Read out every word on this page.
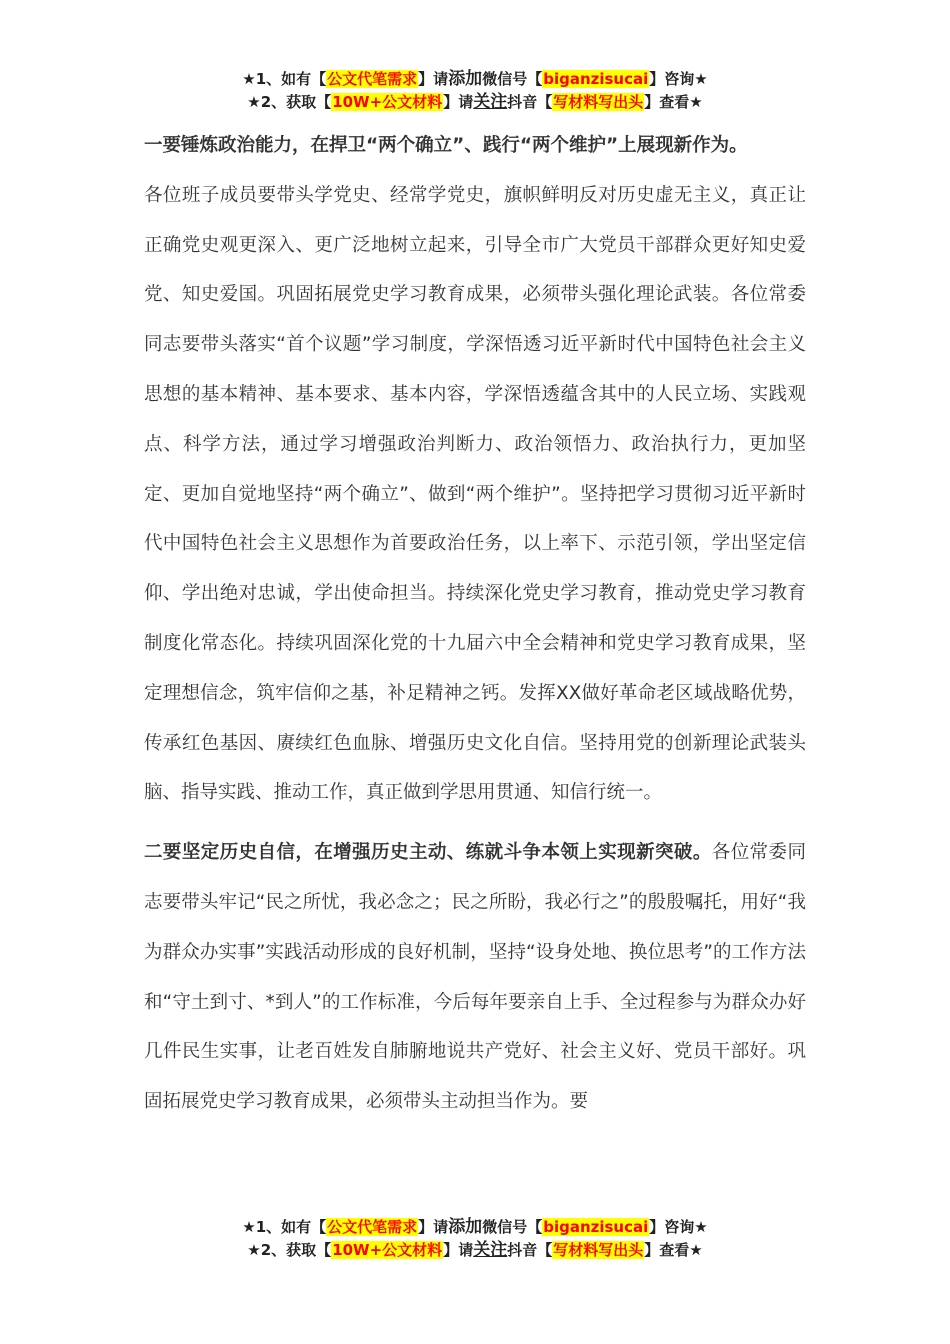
★1、如有【公文代笔需求】请添加微信号【biganzisucai】咨询★
★2、获取【10W+公文材料】请关注抖音【写材料写出头】查看★

一要锤炼政治能力，在捍卫“两个确立”、践行“两个维护”上展现新作为。
各位班子成员要带头学党史、经常学党史，旗帜鲜明反对历史虚无主义，真正让正确党史观更深入、更广泛地树立起来，引导全市广大党员干部群众更好知史爱党、知史爱国。巩固拓展党史学习教育成果，必须带头强化理论武装。各位常委同志要带头落实“首个议题”学习制度，学深悟透习近平新时代中国特色社会主义思想的基本精神、基本要求、基本内容，学深悟透蕴含其中的人民立场、实践观点、科学方法，通过学习增强政治判断力、政治领悟力、政治执行力，更加坚定、更加自觉地坚持“两个确立”、做到“两个维护”。坚持把学习贯彻习近平新时代中国特色社会主义思想作为首要政治任务，以上率下、示范引领，学出坚定信仰、学出绝对忠诚，学出使命担当。持续深化党史学习教育，推动党史学习教育制度化常态化。持续巩固深化党的十九届六中全会精神和党史学习教育成果，坚定理想信念，筑牢信仰之基，补足精神之钙。发挥XX做好革命老区域战略优势，传承红色基因、赓续红色血脉、增强历史文化自信。坚持用党的创新理论武装头脑、指导实践、推动工作，真正做到学思用贯通、知信行统一。

二要坚定历史自信，在增强历史主动、练就斗争本领上实现新突破。各位常委同志要带头牢记“民之所忧，我必念之；民之所盼，我必行之”的殷殷嘱托，用好“我为群众办实事”实践活动形成的良好机制，坚持“设身处地、换位思考”的工作方法和“守土到寸、*到人”的工作标准，今后每年要亲自上手、全过程参与为群众办好几件民生实事，让老百姓发自肺腑地说共产党好、社会主义好、党员干部好。巩固拓展党史学习教育成果，必须带头主动担当作为。要

★1、如有【公文代笔需求】请添加微信号【biganzisucai】咨询★
★2、获取【10W+公文材料】请关注抖音【写材料写出头】查看★
